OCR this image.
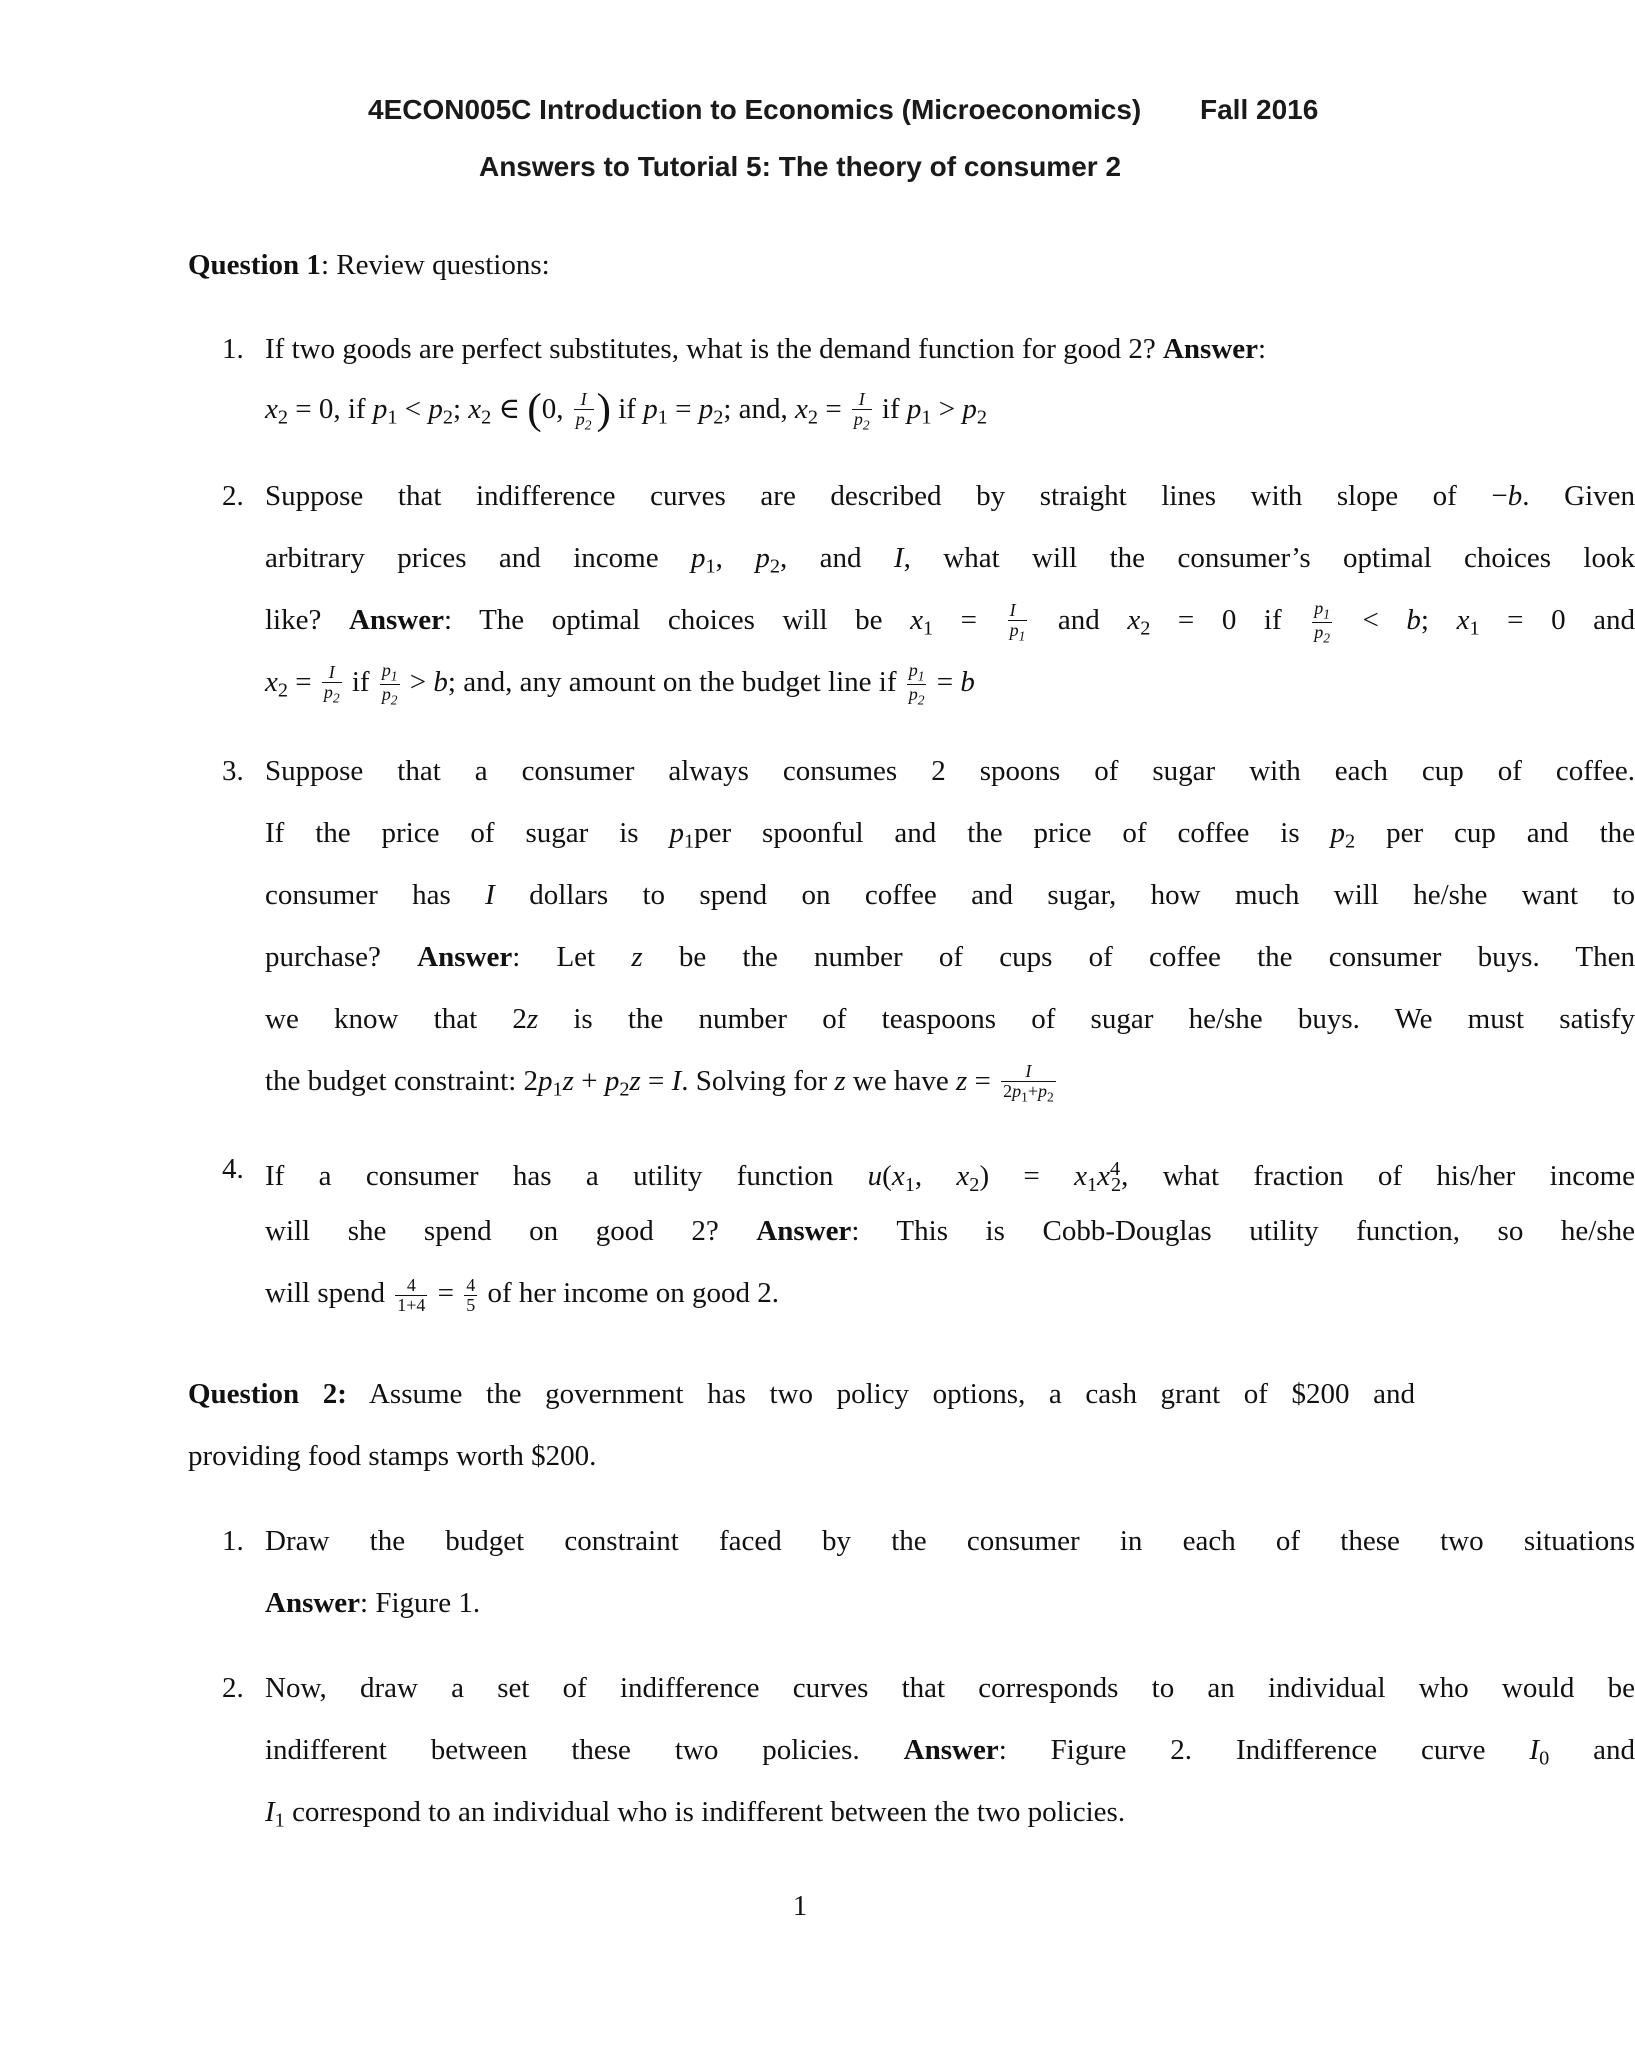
4ECON005C Introduction to Economics (Microeconomics) Fall 2016
Answers to Tutorial 5: The theory of consumer 2
Question 1: Review questions:
1. If two goods are perfect substitutes, what is the demand function for good 2? Answer:
$x_2 = 0$, if $p_1 < p_2$; $x_2$ ∈ (0, $\frac{I}{p_2}$ ) if $p_1 = p_2$; and, $x_2 = \frac{I}{p_2}$ if $p_1 > p_2$
2. Suppose that indifference curves are described by straight lines with slope of −b. Given
arbitrary prices and income $p_1$, $p_2$, and I, what will the consumer’s optimal choices look
like? Answer: The optimal choices will be $x_1 = \frac{I}{p_1}$ and $x_2 = 0$ if $\frac{p_1}{p_2} < b$; $x_1 = 0$ and
$x_2 = \frac{I}{p_2}$ if $\frac{p_1}{p_2} > b$; and, any amount on the budget line if $\frac{p_1}{p_2} = b$
3. Suppose that a consumer always consumes 2 spoons of sugar with each cup of coffee.
If the price of sugar is $p_1per$ spoonful and the price of coffee is $p_2$ per cup and the
consumer has I dollars to spend on coffee and sugar, how much will he/she want to
purchase? Answer: Let z be the number of cups of coffee the consumer buys. Then
we know that 2z is the number of teaspoons of sugar he/she buys. We must satisfy
the budget constraint: $2p_1z + p_2z = I$. Solving for z we have $z = \frac{I}{2p_1+p_2}$
4. If a consumer has a utility function $u(x_1$, $x_2) = x_1x^4_2$, what fraction of his/her income
will she spend on good 2? Answer: This is Cobb-Douglas utility function, so he/she
will spend $\frac{4}{1+4} = \frac{4}{5}$ of her income on good 2.
Question 2: Assume the government has two policy options, a cash grant of $200 and
providing food stamps worth $200.
1. Draw the budget constraint faced by the consumer in each of these two situations
Answer: Figure 1.
2. Now, draw a set of indifference curves that corresponds to an individual who would be
indifferent between these two policies. Answer: Figure 2. Indifference curve $I_0$ and
$I_1$ correspond to an individual who is indifferent between the two policies.
1
